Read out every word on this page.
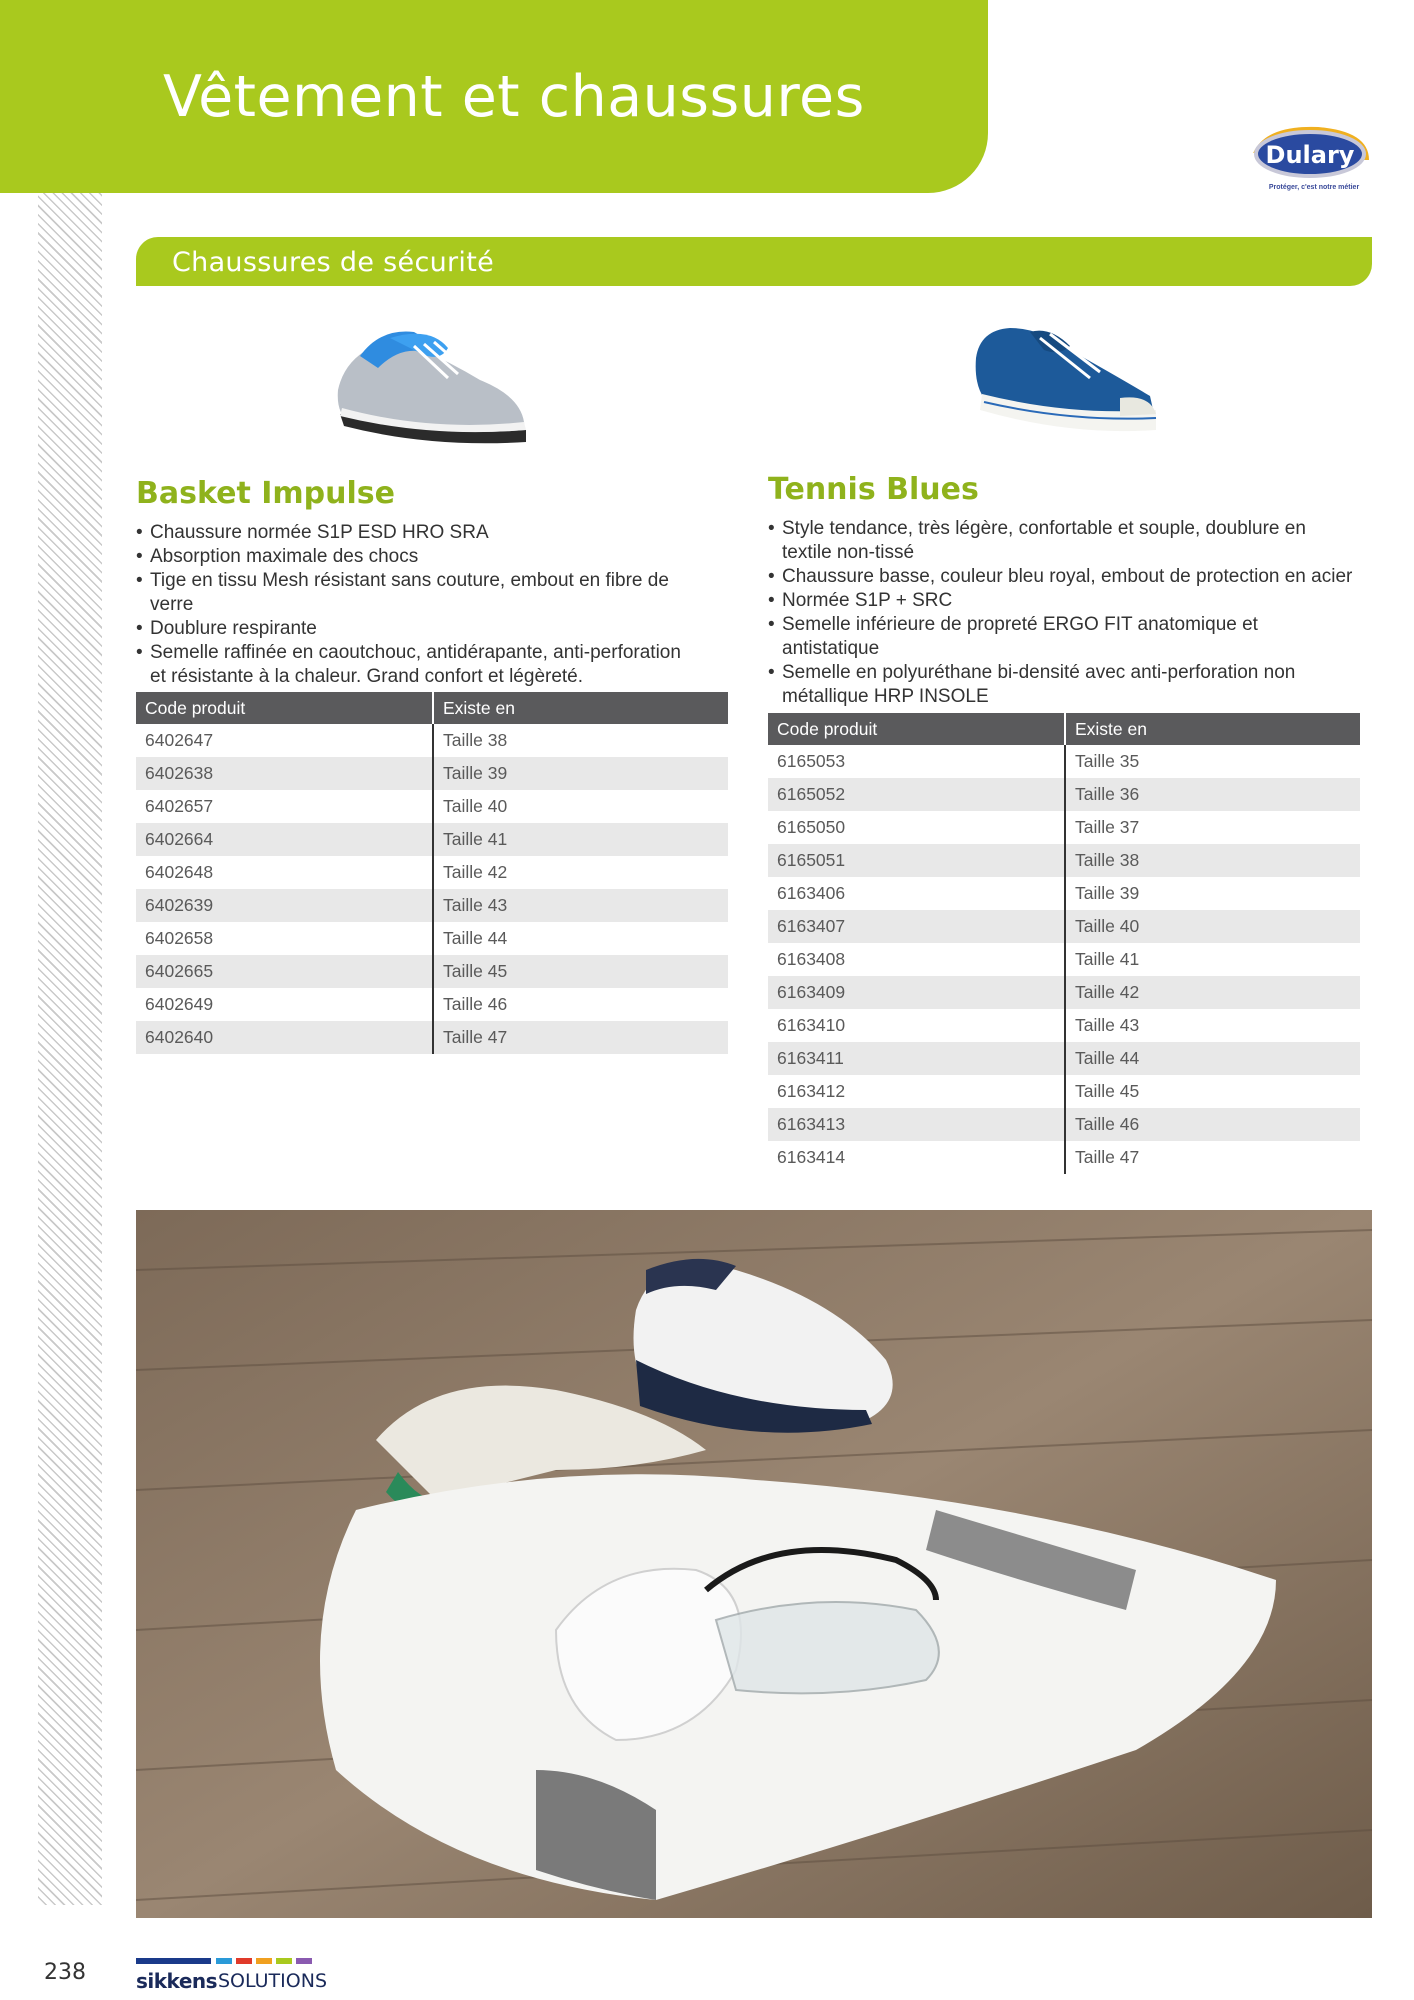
Vêtement et chaussures
Dulary
Protéger, c'est notre métier
Chaussures de sécurité
Basket Impulse
• Chaussure normée S1P ESD HRO SRA
• Absorption maximale des chocs
• Tige en tissu Mesh résistant sans couture, embout en fibre de verre
• Doublure respirante
• Semelle raffinée en caoutchouc, antidérapante, anti-perforation et résistante à la chaleur. Grand confort et légèreté.
Code produit	Existe en
6402647	Taille 38
6402638	Taille 39
6402657	Taille 40
6402664	Taille 41
6402648	Taille 42
6402639	Taille 43
6402658	Taille 44
6402665	Taille 45
6402649	Taille 46
6402640	Taille 47
Tennis Blues
• Style tendance, très légère, confortable et souple, doublure en textile non-tissé
• Chaussure basse, couleur bleu royal, embout de protection en acier
• Normée S1P + SRC
• Semelle inférieure de propreté ERGO FIT anatomique et antistatique
• Semelle en polyuréthane bi-densité avec anti-perforation non métallique HRP INSOLE
Code produit	Existe en
6165053	Taille 35
6165052	Taille 36
6165050	Taille 37
6165051	Taille 38
6163406	Taille 39
6163407	Taille 40
6163408	Taille 41
6163409	Taille 42
6163410	Taille 43
6163411	Taille 44
6163412	Taille 45
6163413	Taille 46
6163414	Taille 47
238	sikkens SOLUTIONS
